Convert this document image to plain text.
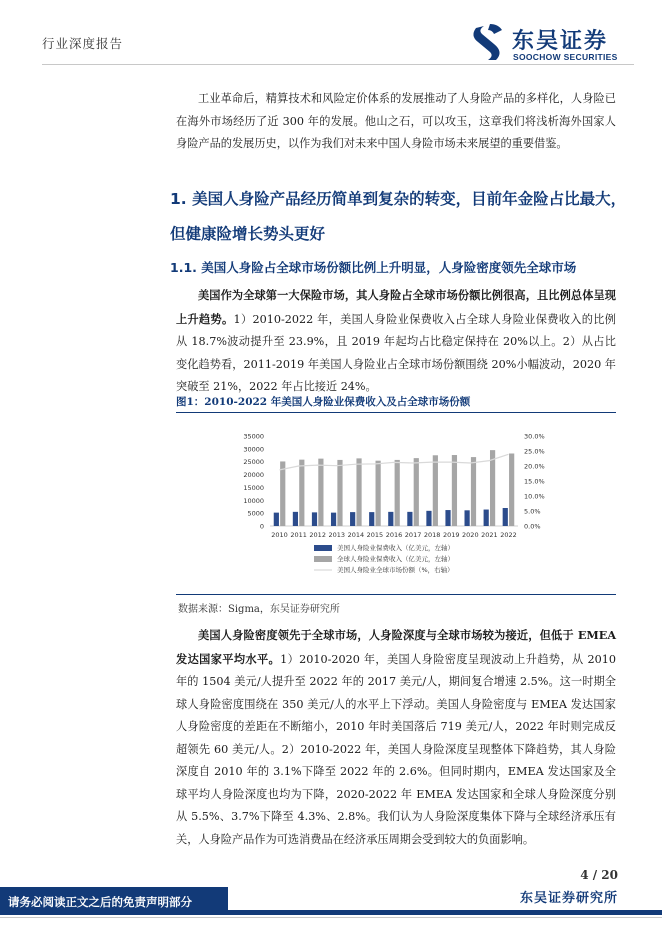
行业深度报告	东吴证券
SOOCHOW SECURITIES
工业革命后，精算技术和风险定价体系的发展推动了人身险产品的多样化，人身险已在海外市场经历了近 300 年的发展。他山之石，可以攻玉，这章我们将浅析海外国家人身险产品的发展历史，以作为我们对未来中国人身险市场未来展望的重要借鉴。
1. 美国人身险产品经历简单到复杂的转变，目前年金险占比最大，但健康险增长势头更好
1.1. 美国人身险占全球市场份额比例上升明显，人身险密度领先全球市场
美国作为全球第一大保险市场，其人身险占全球市场份额比例很高，且比例总体呈现上升趋势。1）2010-2022 年，美国人身险业保费收入占全球人身险业保费收入的比例从 18.7%波动提升至 23.9%，且 2019 年起均占比稳定保持在 20%以上。2）从占比变化趋势看，2011-2019 年美国人身险业占全球市场份额围绕 20%小幅波动，2020 年突破至 21%，2022 年占比接近 24%。
图1：2010-2022 年美国人身险业保费收入及占全球市场份额
0
5000
10000
15000
20000
25000
30000
35000
0.0%
5.0%
10.0%
15.0%
20.0%
25.0%
30.0%
2010 2011 2012 2013 2014 2015 2016 2017 2018 2019 2020 2021 2022
美国人身险业保费收入（亿美元，左轴）
全球人身险业保费收入（亿美元，左轴）
美国人身险业全球市场份额（%，右轴）
数据来源：Sigma，东吴证券研究所
美国人身险密度领先于全球市场，人身险深度与全球市场较为接近，但低于 EMEA 发达国家平均水平。1）2010-2020 年，美国人身险密度呈现波动上升趋势，从 2010 年的 1504 美元/人提升至 2022 年的 2017 美元/人，期间复合增速 2.5%。这一时期全球人身险密度围绕在 350 美元/人的水平上下浮动。美国人身险密度与 EMEA 发达国家人身险密度的差距在不断缩小，2010 年时美国落后 719 美元/人，2022 年时则完成反超领先 60 美元/人。2）2010-2022 年，美国人身险深度呈现整体下降趋势，其人身险深度自 2010 年的 3.1%下降至 2022 年的 2.6%。但同时期内，EMEA 发达国家及全球平均人身险深度也均为下降，2020-2022 年 EMEA 发达国家和全球人身险深度分别从 5.5%、3.7%下降至 4.3%、2.8%。我们认为人身险深度集体下降与全球经济承压有关，人身险产品作为可选消费品在经济承压周期会受到较大的负面影响。
4 / 20
东吴证券研究所
请务必阅读正文之后的免责声明部分
